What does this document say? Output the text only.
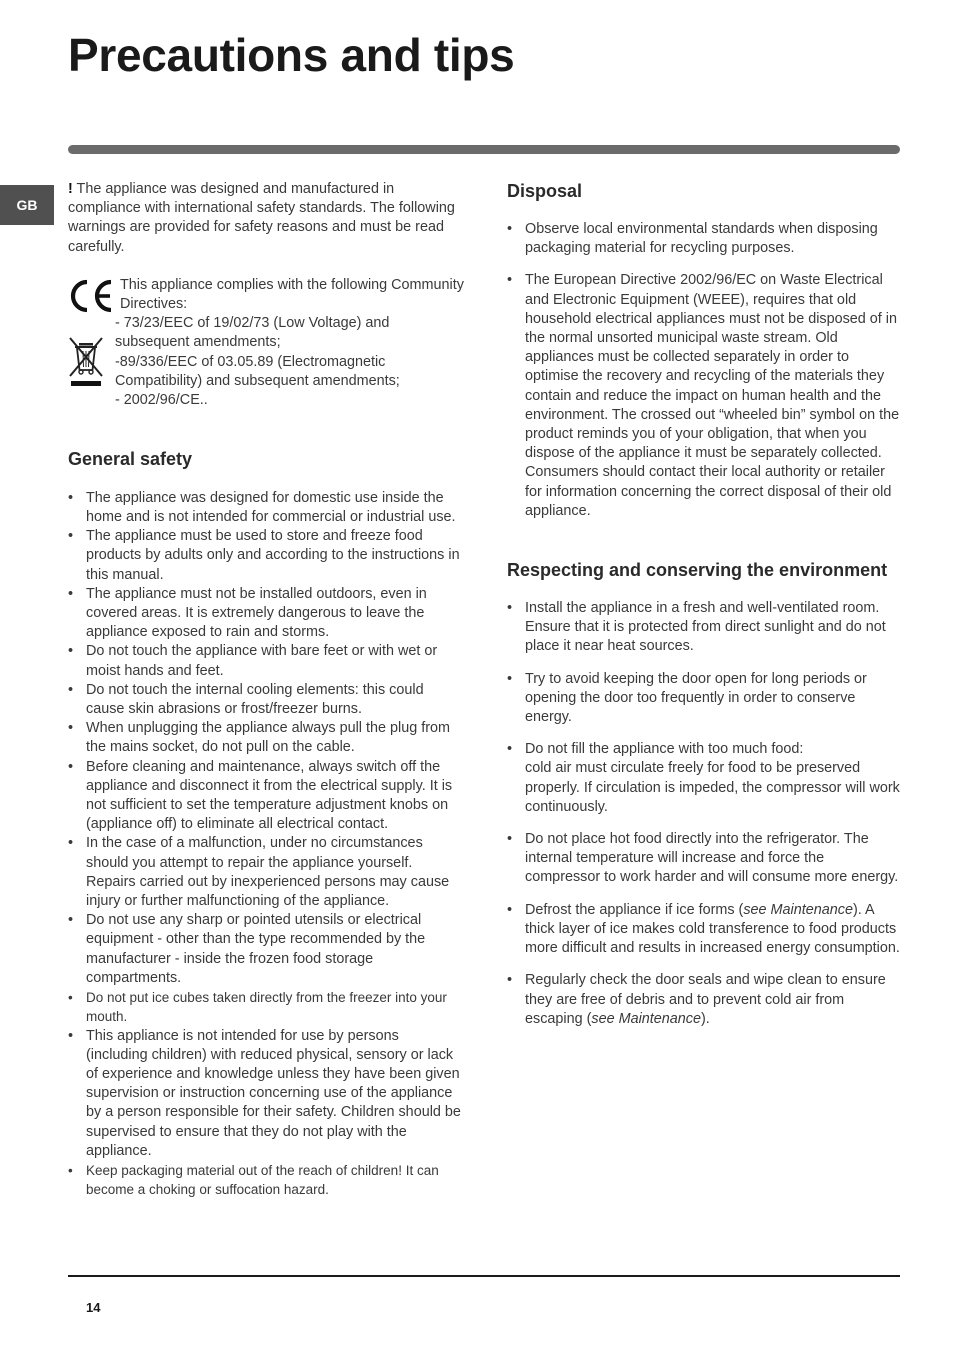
Precautions and tips
GB

! The appliance was designed and manufactured in compliance with international safety standards. The following warnings are provided for safety reasons and must be read carefully.

This appliance complies with the following Community Directives:

- 73/23/EEC of 19/02/73 (Low Voltage) and subsequent amendments;

-89/336/EEC of 03.05.89 (Electromagnetic Compatibility) and subsequent amendments;

- 2002/96/CE..

General safety
• The appliance was designed for domestic use inside the home and is not intended for commercial or industrial use.
• The appliance must be used to store and freeze food products by adults only and according to the instructions in this manual.
• The appliance must not be installed outdoors, even in covered areas. It is extremely dangerous to leave the appliance exposed to rain and storms.
• Do not touch the appliance with bare feet or with wet or moist hands and feet.
• Do not touch the internal cooling elements: this could cause skin abrasions or frost/freezer burns.
• When unplugging the appliance always pull the plug from the mains socket, do not pull on the cable.
• Before cleaning and maintenance, always switch off the appliance and disconnect it from the electrical supply. It is not sufficient to set the temperature adjustment knobs on (appliance off) to eliminate all electrical contact.
• In the case of a malfunction, under no circumstances should you attempt to repair the appliance yourself. Repairs carried out by inexperienced persons may cause injury or further malfunctioning of the appliance.
• Do not use any sharp or pointed utensils or electrical equipment - other than the type recommended by the manufacturer - inside the frozen food storage compartments.
• Do not put ice cubes taken directly from the freezer into your mouth.
• This appliance is not intended for use by persons (including children) with reduced physical, sensory or lack of experience and knowledge unless they have been given supervision or instruction concerning use of the appliance by a person responsible for their safety. Children should be supervised to ensure that they do not play with the appliance.
• Keep packaging material out of the reach of children! It can become a choking or suffocation hazard.
Disposal
• Observe local environmental standards when disposing packaging material for recycling purposes.
• The European Directive 2002/96/EC on Waste Electrical and Electronic Equipment (WEEE), requires that old household electrical appliances must not be disposed of in the normal unsorted municipal waste stream. Old appliances must be collected separately in order to optimise the recovery and recycling of the materials they contain and reduce the impact on human health and the environment. The crossed out “wheeled bin” symbol on the product reminds you of your obligation, that when you dispose of the appliance it must be separately collected.
Consumers should contact their local authority or retailer for information concerning the correct disposal of their old appliance.
Respecting and conserving the environment
• Install the appliance in a fresh and well-ventilated room. Ensure that it is protected from direct sunlight and do not place it near heat sources.
• Try to avoid keeping the door open for long periods or opening the door too frequently in order to conserve energy.
• Do not fill the appliance with too much food:
cold air must circulate freely for food to be preserved properly. If circulation is impeded, the compressor will work continuously.
• Do not place hot food directly into the refrigerator. The internal temperature will increase and force the compressor to work harder and will consume more energy.
• Defrost the appliance if ice forms (see Maintenance). A thick layer of ice makes cold transference to food products more difficult and results in increased energy consumption.
• Regularly check the door seals and wipe clean to ensure they are free of debris and to prevent cold air from escaping (see Maintenance).
14
